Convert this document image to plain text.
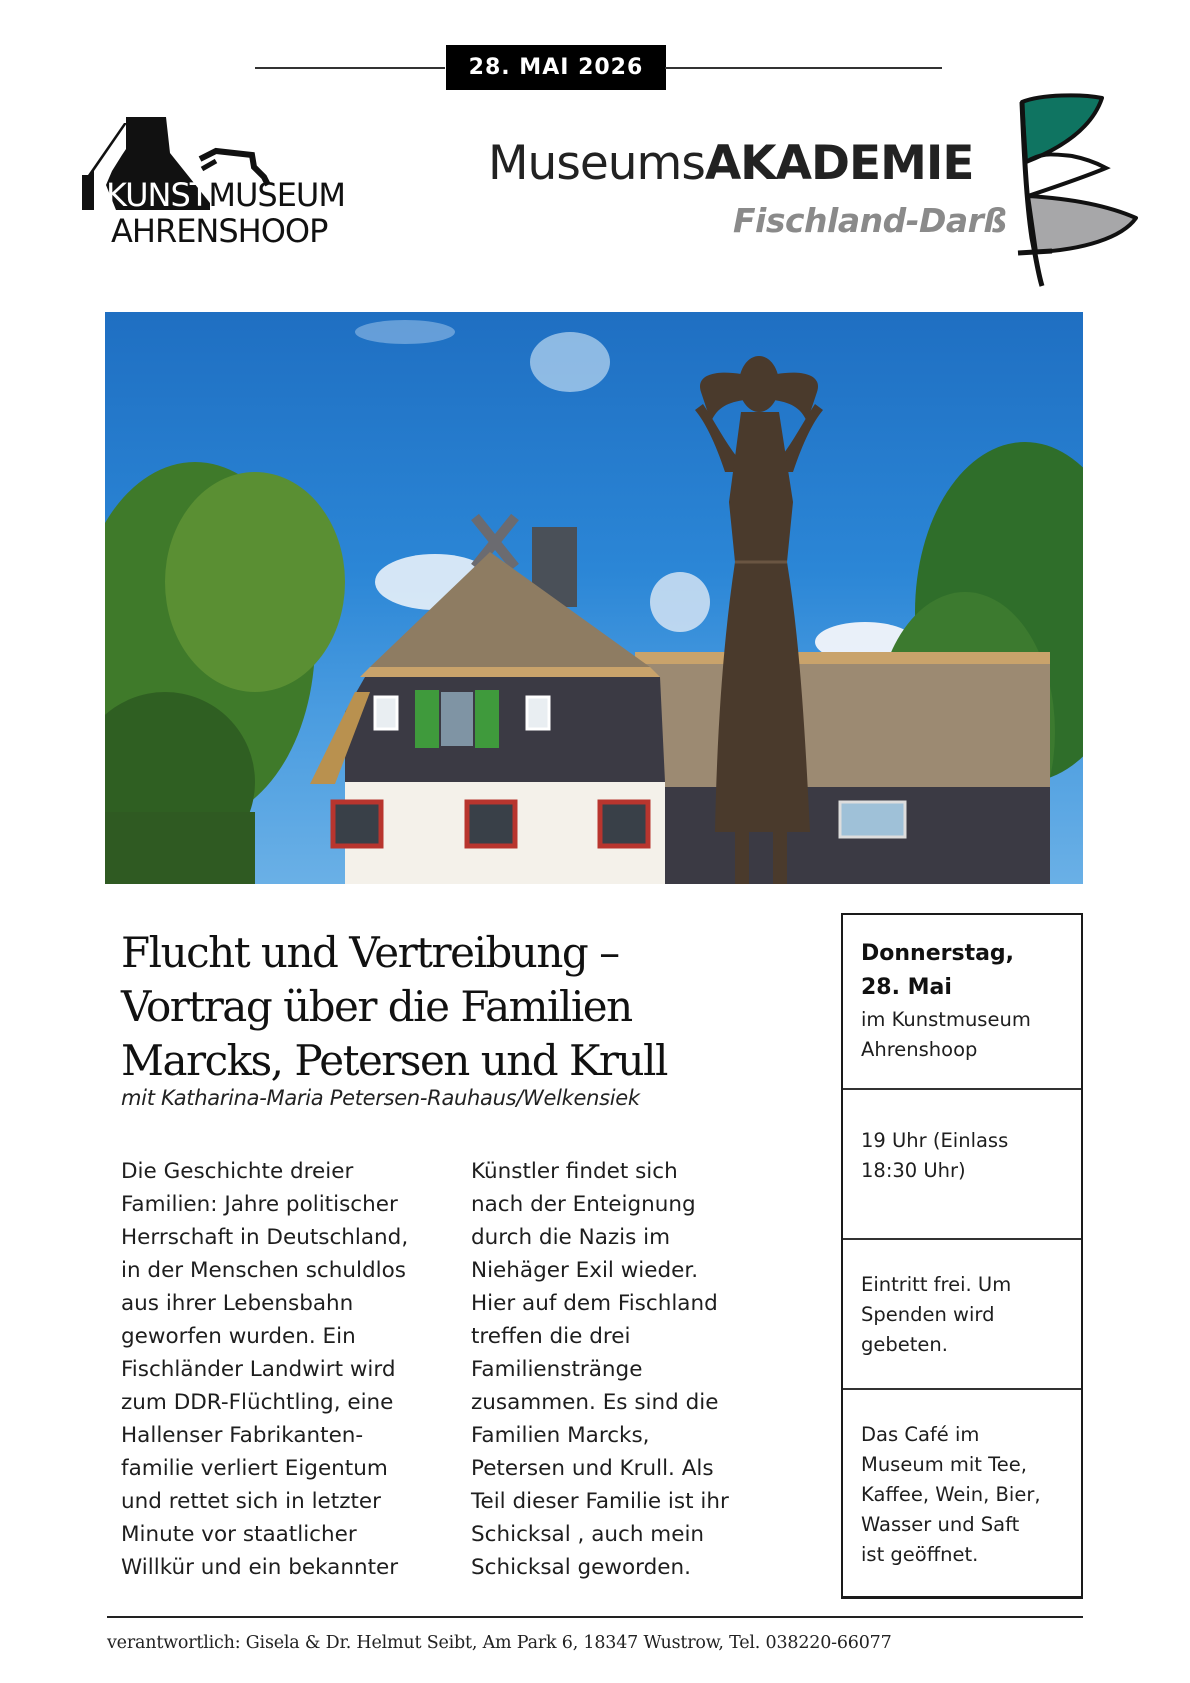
28. MAI 2026
KUNSTMUSEUM
AHRENSHOOP
MuseumsAKADEMIE
Fischland-Darß
Flucht und Vertreibung –
Vortrag über die Familien
Marcks, Petersen und Krull
mit Katharina-Maria Petersen-Rauhaus/Welkensiek
Die Geschichte dreier
Familien: Jahre politischer
Herrschaft in Deutschland,
in der Menschen schuldlos
aus ihrer Lebensbahn
geworfen wurden. Ein
Fischländer Landwirt wird
zum DDR-Flüchtling, eine
Hallenser Fabrikanten-
familie verliert Eigentum
und rettet sich in letzter
Minute vor staatlicher
Willkür und ein bekannter
Künstler findet sich
nach der Enteignung
durch die Nazis im
Niehäger Exil wieder.
Hier auf dem Fischland
treffen die drei
Familienstränge
zusammen. Es sind die
Familien Marcks,
Petersen und Krull. Als
Teil dieser Familie ist ihr
Schicksal , auch mein
Schicksal geworden.
Donnerstag,
28. Mai
im Kunstmuseum
Ahrenshoop
19 Uhr (Einlass
18:30 Uhr)
Eintritt frei. Um
Spenden wird
gebeten.
Das Café im
Museum mit Tee,
Kaffee, Wein, Bier,
Wasser und Saft
ist geöffnet.
verantwortlich: Gisela & Dr. Helmut Seibt, Am Park 6, 18347 Wustrow, Tel. 038220-66077
